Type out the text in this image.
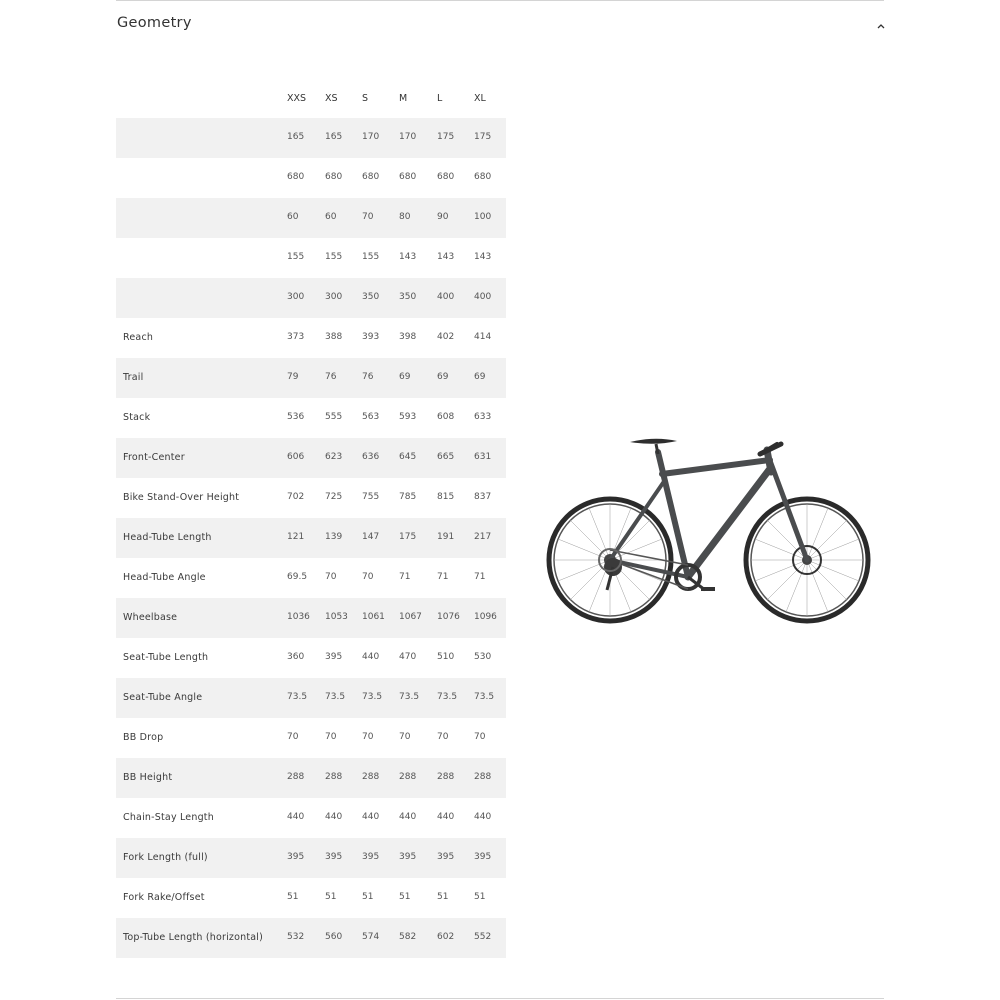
Geometry
XXS XS	S	M	L	XL
165 165 170 170 175 175
680 680 680 680 680 680
60	60	70	80	90	100
155 155 155 143 143 143
300 300 350 350 400 400
Reach	373 388 393 398 402 414
Trail	79	76	76	69	69	69
Stack	536 555 563 593 608 633
Front-Center	606 623 636 645 665 631
Bike Stand-Over Height	702 725 755 785 815 837
Head-Tube Length	121 139 147 175 191 217
Head-Tube Angle	69.5 70	70	71	71	71
Wheelbase	1036 1053 1061 1067 1076 1096
Seat-Tube Length	360 395 440 470 510 530
Seat-Tube Angle	73.5 73.5 73.5 73.5 73.5 73.5
BB Drop	70	70	70	70	70	70
BB Height	288 288 288 288 288 288
Chain-Stay Length	440 440 440 440 440 440
Fork Length (full)	395 395 395 395 395 395
Fork Rake/Offset	51	51	51	51	51	51
Top-Tube Length (horizontal)	532 560 574 582 602 552
